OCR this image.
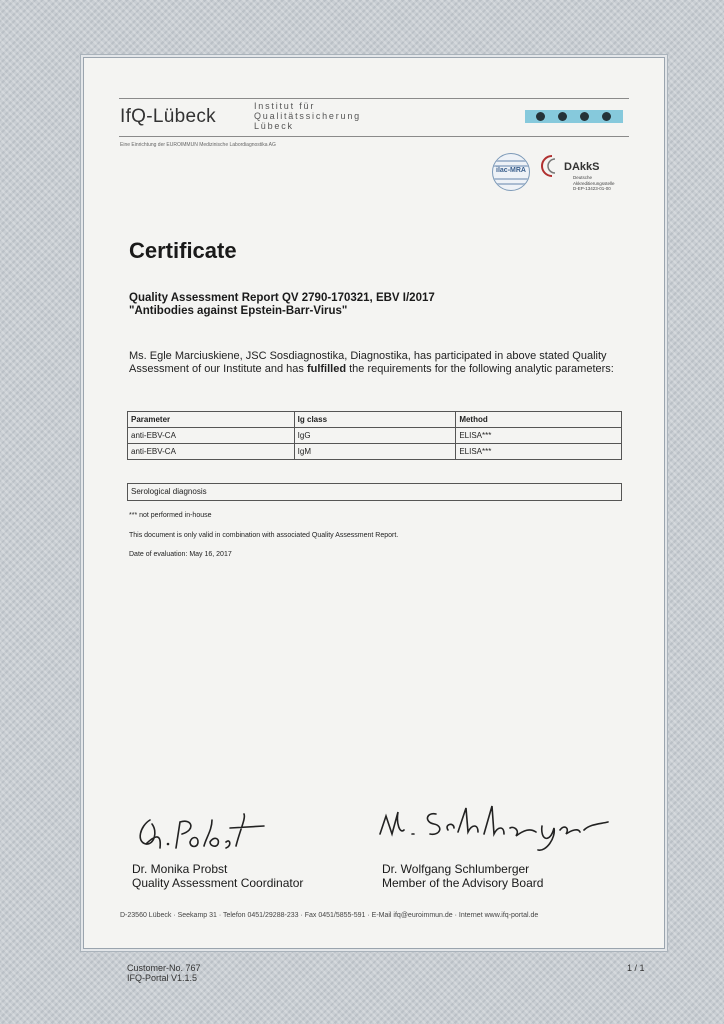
IfQ-Lübeck	Institut für
Qualitätssicherung
Lübeck
Eine Einrichtung der EUROIMMUN Medizinische Labordiagnostika AG
ilac-MRA	DAkkS
Deutsche
Akkreditierungsstelle
D-EP-13423-01-00
Certificate
Quality Assessment Report QV 2790-170321, EBV I/2017
"Antibodies against Epstein-Barr-Virus"
Ms. Egle Marciuskiene, JSC Sosdiagnostika, Diagnostika, has participated in above stated Quality Assessment of our Institute and has fulfilled the requirements for the following analytic parameters:
Parameter	Ig class	Method
anti-EBV-CA	IgG	ELISA***
anti-EBV-CA	IgM	ELISA***
Serological diagnosis
*** not performed in-house
This document is only valid in combination with associated Quality Assessment Report.
Date of evaluation: May 16, 2017
Dr. Monika Probst
Quality Assessment Coordinator
Dr. Wolfgang Schlumberger
Member of the Advisory Board
D-23560 Lübeck · Seekamp 31 · Telefon 0451/29288-233 · Fax 0451/5855-591 · E-Mail ifq@euroimmun.de · Internet www.ifq-portal.de
Customer-No. 767
IFQ-Portal V1.1.5
1 / 1
